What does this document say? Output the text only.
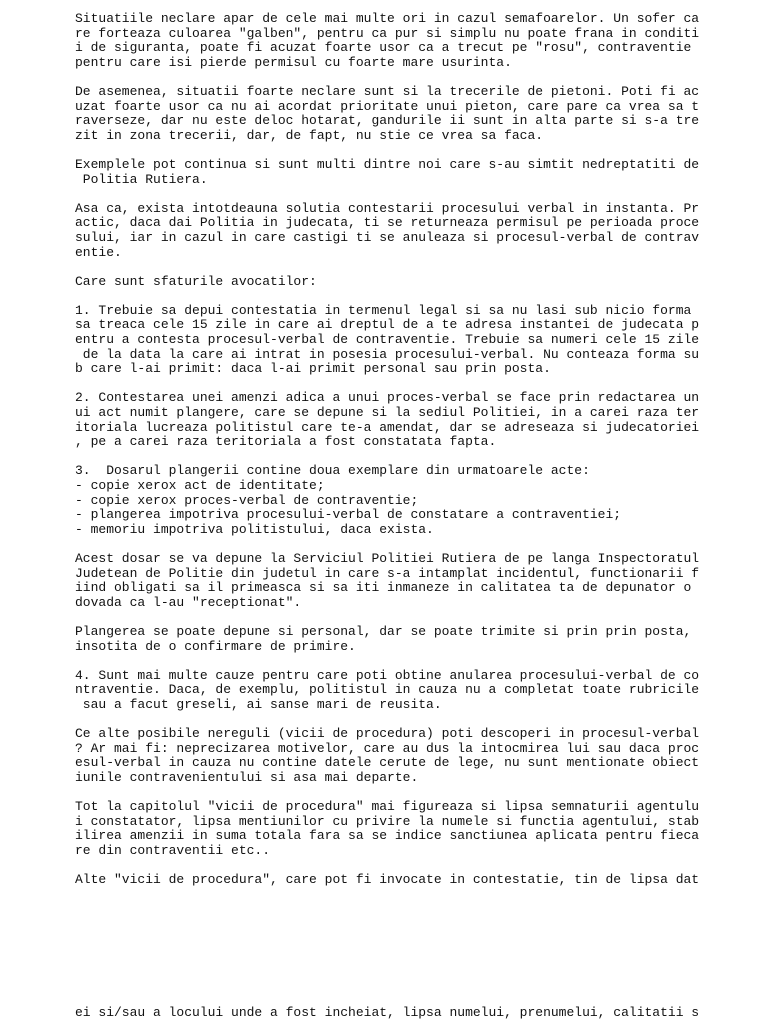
Situatiile neclare apar de cele mai multe ori in cazul semafoarelor. Un sofer ca
re forteaza culoarea "galben", pentru ca pur si simplu nu poate frana in conditi
i de siguranta, poate fi acuzat foarte usor ca a trecut pe "rosu", contraventie
pentru care isi pierde permisul cu foarte mare usurinta.

De asemenea, situatii foarte neclare sunt si la trecerile de pietoni. Poti fi ac
uzat foarte usor ca nu ai acordat prioritate unui pieton, care pare ca vrea sa t
raverseze, dar nu este deloc hotarat, gandurile ii sunt in alta parte si s-a tre
zit in zona trecerii, dar, de fapt, nu stie ce vrea sa faca.

Exemplele pot continua si sunt multi dintre noi care s-au simtit nedreptatiti de
Politia Rutiera.

Asa ca, exista intotdeauna solutia contestarii procesului verbal in instanta. Pr
actic, daca dai Politia in judecata, ti se returneaza permisul pe perioada proce
sului, iar in cazul in care castigi ti se anuleaza si procesul-verbal de contrav
entie.

Care sunt sfaturile avocatilor:

1. Trebuie sa depui contestatia in termenul legal si sa nu lasi sub nicio forma
sa treaca cele 15 zile in care ai dreptul de a te adresa instantei de judecata p
entru a contesta procesul-verbal de contraventie. Trebuie sa numeri cele 15 zile
de la data la care ai intrat in posesia procesului-verbal. Nu conteaza forma su
b care l-ai primit: daca l-ai primit personal sau prin posta.

2. Contestarea unei amenzi adica a unui proces-verbal se face prin redactarea un
ui act numit plangere, care se depune si la sediul Politiei, in a carei raza ter
itoriala lucreaza politistul care te-a amendat, dar se adreseaza si judecatoriei
, pe a carei raza teritoriala a fost constatata fapta.

3.  Dosarul plangerii contine doua exemplare din urmatoarele acte:
- copie xerox act de identitate;
- copie xerox proces-verbal de contraventie;
- plangerea impotriva procesului-verbal de constatare a contraventiei;
- memoriu impotriva politistului, daca exista.

Acest dosar se va depune la Serviciul Politiei Rutiera de pe langa Inspectoratul
Judetean de Politie din judetul in care s-a intamplat incidentul, functionarii f
iind obligati sa il primeasca si sa iti inmaneze in calitatea ta de depunator o
dovada ca l-au "receptionat".

Plangerea se poate depune si personal, dar se poate trimite si prin prin posta,
insotita de o confirmare de primire.

4. Sunt mai multe cauze pentru care poti obtine anularea procesului-verbal de co
ntraventie. Daca, de exemplu, politistul in cauza nu a completat toate rubricile
sau a facut greseli, ai sanse mari de reusita.

Ce alte posibile nereguli (vicii de procedura) poti descoperi in procesul-verbal
? Ar mai fi: neprecizarea motivelor, care au dus la intocmirea lui sau daca proc
esul-verbal in cauza nu contine datele cerute de lege, nu sunt mentionate obiect
iunile contravenientului si asa mai departe.

Tot la capitolul "vicii de procedura" mai figureaza si lipsa semnaturii agentulu
i constatator, lipsa mentiunilor cu privire la numele si functia agentului, stab
ilirea amenzii in suma totala fara sa se indice sanctiunea aplicata pentru fieca
re din contraventii etc..

Alte "vicii de procedura", care pot fi invocate in contestatie, tin de lipsa dat
ei si/sau a locului unde a fost incheiat, lipsa numelui, prenumelui, calitatii s
